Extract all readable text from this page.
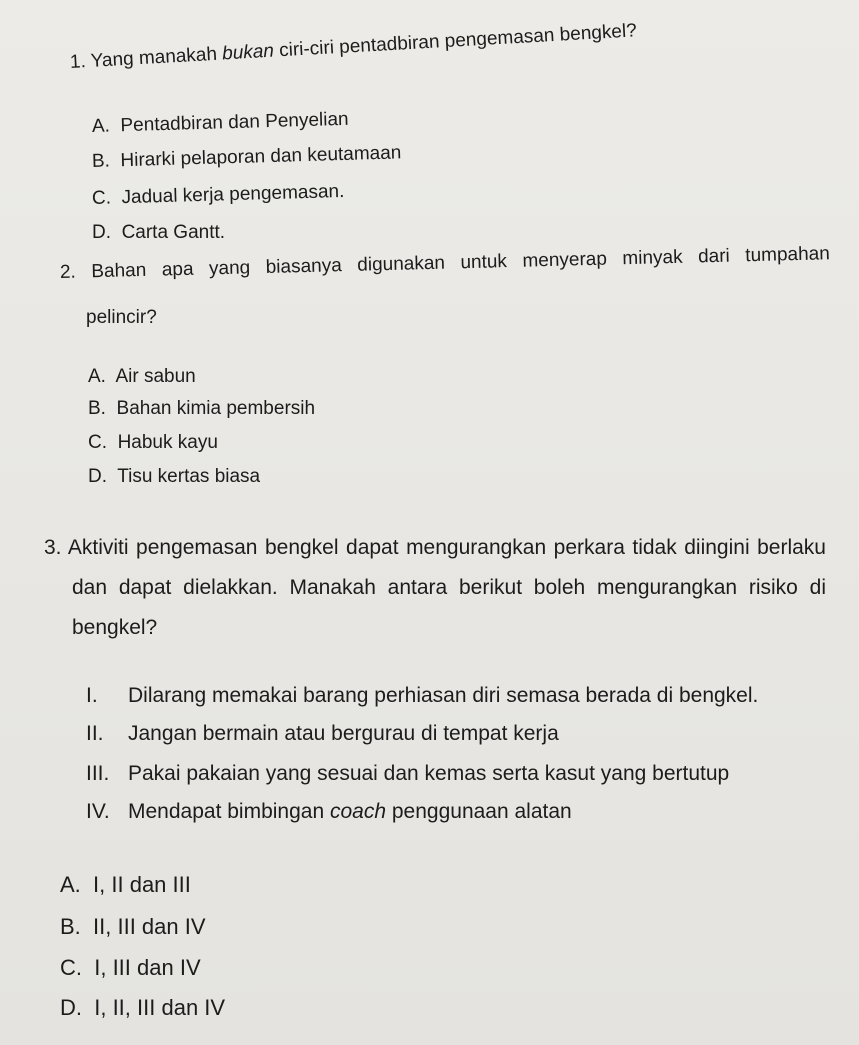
1. Yang manakah bukan ciri-ciri pentadbiran pengemasan bengkel?
A. Pentadbiran dan Penyelian
B. Hirarki pelaporan dan keutamaan
C. Jadual kerja pengemasan.
D. Carta Gantt.
2. Bahan apa yang biasanya digunakan untuk menyerap minyak dari tumpahan
pelincir?
A. Air sabun
B. Bahan kimia pembersih
C. Habuk kayu
D. Tisu kertas biasa
3. Aktiviti pengemasan bengkel dapat mengurangkan perkara tidak diingini berlaku
dan dapat dielakkan. Manakah antara berikut boleh mengurangkan risiko di
bengkel?
I. Dilarang memakai barang perhiasan diri semasa berada di bengkel.
II. Jangan bermain atau bergurau di tempat kerja
III. Pakai pakaian yang sesuai dan kemas serta kasut yang bertutup
IV. Mendapat bimbingan coach penggunaan alatan
A. I, II dan III
B. II, III dan IV
C. I, III dan IV
D. I, II, III dan IV
